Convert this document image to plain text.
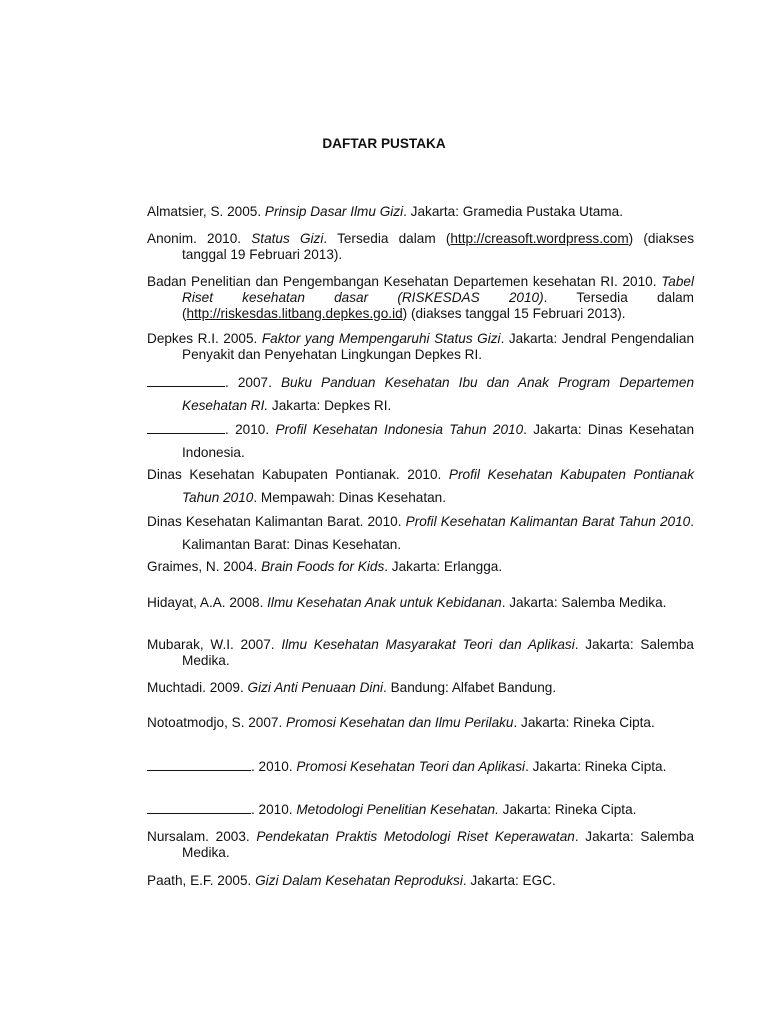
DAFTAR PUSTAKA
Almatsier, S. 2005. Prinsip Dasar Ilmu Gizi. Jakarta: Gramedia Pustaka Utama.
Anonim. 2010. Status Gizi. Tersedia dalam (http://creasoft.wordpress.com) (diakses tanggal 19 Februari 2013).
Badan Penelitian dan Pengembangan Kesehatan Departemen kesehatan RI. 2010. Tabel Riset kesehatan dasar (RISKESDAS 2010). Tersedia dalam (http://riskesdas.litbang.depkes.go.id) (diakses tanggal 15 Februari 2013).
Depkes R.I. 2005. Faktor yang Mempengaruhi Status Gizi. Jakarta: Jendral Pengendalian Penyakit dan Penyehatan Lingkungan Depkes RI.
. 2007. Buku Panduan Kesehatan Ibu dan Anak Program Departemen Kesehatan RI. Jakarta: Depkes RI.
. 2010. Profil Kesehatan Indonesia Tahun 2010. Jakarta: Dinas Kesehatan Indonesia.
Dinas Kesehatan Kabupaten Pontianak. 2010. Profil Kesehatan Kabupaten Pontianak Tahun 2010. Mempawah: Dinas Kesehatan.
Dinas Kesehatan Kalimantan Barat. 2010. Profil Kesehatan Kalimantan Barat Tahun 2010. Kalimantan Barat: Dinas Kesehatan.
Graimes, N. 2004. Brain Foods for Kids. Jakarta: Erlangga.
Hidayat, A.A. 2008. Ilmu Kesehatan Anak untuk Kebidanan. Jakarta: Salemba Medika.
Mubarak, W.I. 2007. Ilmu Kesehatan Masyarakat Teori dan Aplikasi. Jakarta: Salemba Medika.
Muchtadi. 2009. Gizi Anti Penuaan Dini. Bandung: Alfabet Bandung.
Notoatmodjo, S. 2007. Promosi Kesehatan dan Ilmu Perilaku. Jakarta: Rineka Cipta.
. 2010. Promosi Kesehatan Teori dan Aplikasi. Jakarta: Rineka Cipta.
. 2010. Metodologi Penelitian Kesehatan. Jakarta: Rineka Cipta.
Nursalam. 2003. Pendekatan Praktis Metodologi Riset Keperawatan. Jakarta: Salemba Medika.
Paath, E.F. 2005. Gizi Dalam Kesehatan Reproduksi. Jakarta: EGC.
